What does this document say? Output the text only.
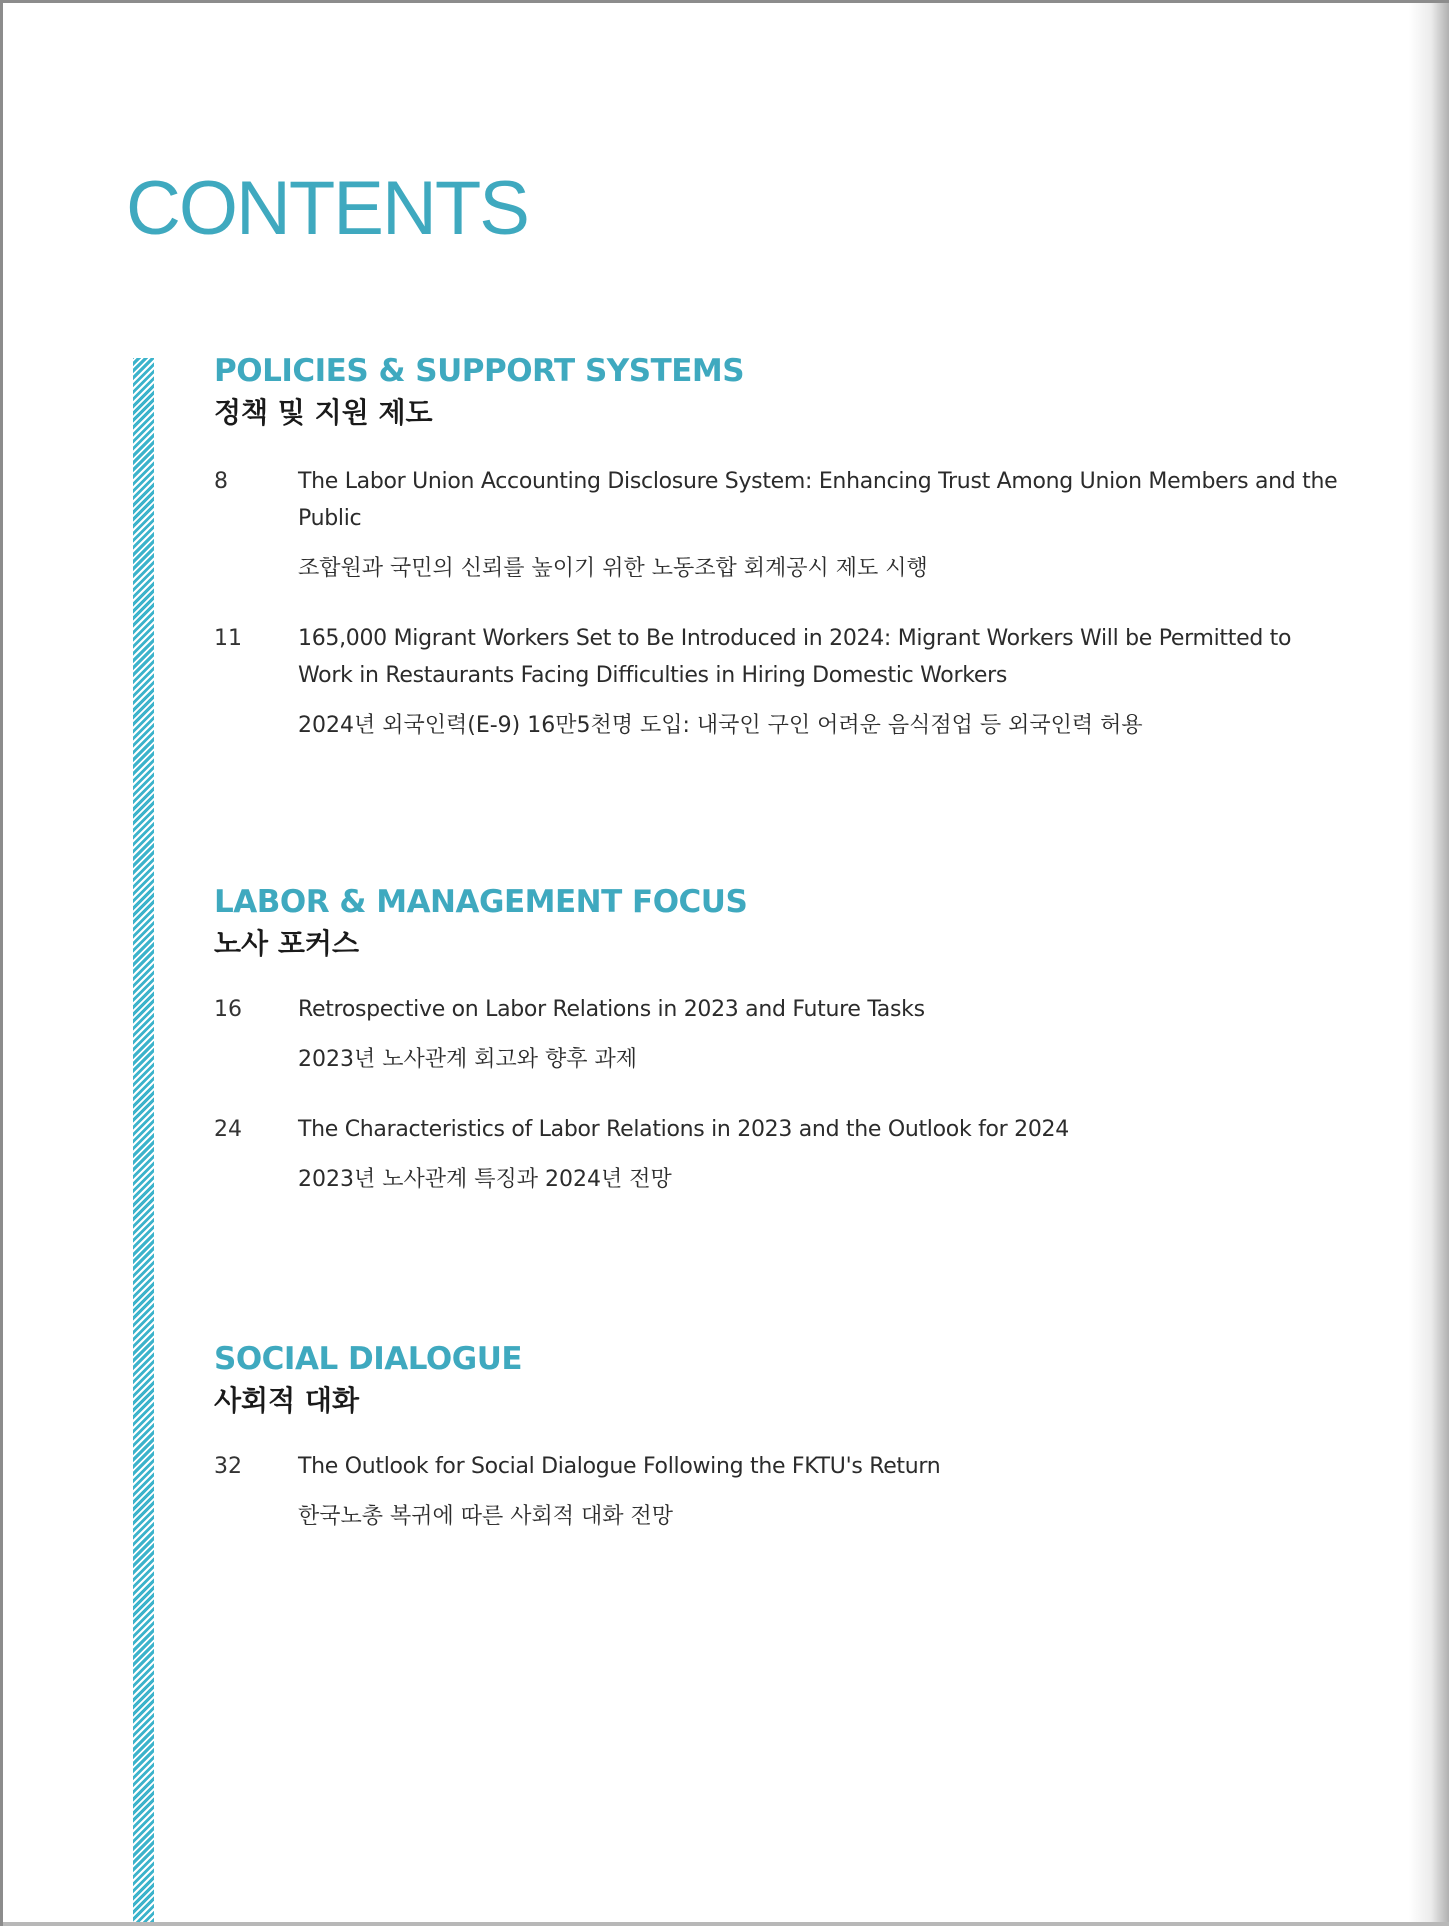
CONTENTS
POLICIES & SUPPORT SYSTEMS
정책 및 지원 제도
8	The Labor Union Accounting Disclosure System: Enhancing Trust Among Union Members and the Public
조합원과 국민의 신뢰를 높이기 위한 노동조합 회계공시 제도 시행
11	165,000 Migrant Workers Set to Be Introduced in 2024: Migrant Workers Will be Permitted to Work in Restaurants Facing Difficulties in Hiring Domestic Workers
2024년 외국인력(E-9) 16만5천명 도입: 내국인 구인 어려운 음식점업 등 외국인력 허용
LABOR & MANAGEMENT FOCUS
노사 포커스
16	Retrospective on Labor Relations in 2023 and Future Tasks
2023년 노사관계 회고와 향후 과제
24	The Characteristics of Labor Relations in 2023 and the Outlook for 2024
2023년 노사관계 특징과 2024년 전망
SOCIAL DIALOGUE
사회적 대화
32	The Outlook for Social Dialogue Following the FKTU's Return
한국노총 복귀에 따른 사회적 대화 전망
